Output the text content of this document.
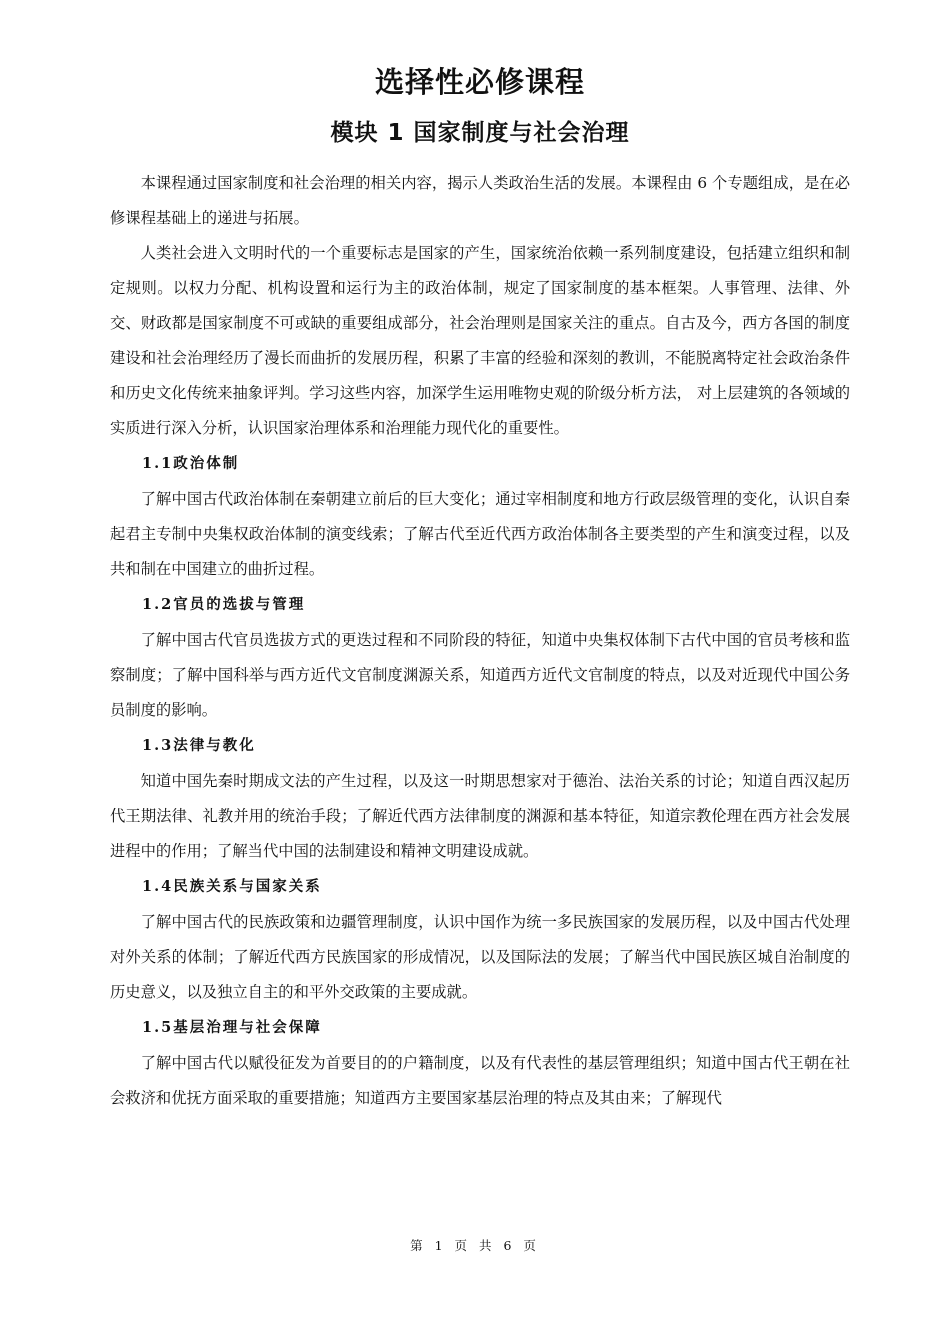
选择性必修课程
模块 1 国家制度与社会治理

本课程通过国家制度和社会治理的相关内容，揭示人类政治生活的发展。本课程由 6 个专题组成，是在必修课程基础上的递进与拓展。

人类社会进入文明时代的一个重要标志是国家的产生，国家统治依赖一系列制度建设，包括建立组织和制定规则。以权力分配、机构设置和运行为主的政治体制，规定了国家制度的基本框架。人事管理、法律、外交、财政都是国家制度不可或缺的重要组成部分，社会治理则是国家关注的重点。自古及今，西方各国的制度建设和社会治理经历了漫长而曲折的发展历程，积累了丰富的经验和深刻的教训，不能脱离特定社会政治条件和历史文化传统来抽象评判。学习这些内容，加深学生运用唯物史观的阶级分析方法， 对上层建筑的各领域的实质进行深入分析，认识国家治理体系和治理能力现代化的重要性。

1.1政治体制

了解中国古代政治体制在秦朝建立前后的巨大变化；通过宰相制度和地方行政层级管理的变化，认识自秦起君主专制中央集权政治体制的演变线索；了解古代至近代西方政治体制各主要类型的产生和演变过程，以及共和制在中国建立的曲折过程。

1.2官员的选拔与管理

了解中国古代官员选拔方式的更迭过程和不同阶段的特征，知道中央集权体制下古代中国的官员考核和监察制度；了解中国科举与西方近代文官制度渊源关系，知道西方近代文官制度的特点，以及对近现代中国公务员制度的影响。

1.3法律与教化

知道中国先秦时期成文法的产生过程，以及这一时期思想家对于德治、法治关系的讨论；知道自西汉起历代王期法律、礼教并用的统治手段；了解近代西方法律制度的渊源和基本特征，知道宗教伦理在西方社会发展进程中的作用；了解当代中国的法制建设和精神文明建设成就。

1.4民族关系与国家关系

了解中国古代的民族政策和边疆管理制度，认识中国作为统一多民族国家的发展历程，以及中国古代处理对外关系的体制；了解近代西方民族国家的形成情况，以及国际法的发展；了解当代中国民族区城自治制度的历史意义，以及独立自主的和平外交政策的主要成就。

1.5基层治理与社会保障

了解中国古代以赋役征发为首要目的的户籍制度，以及有代表性的基层管理组织；知道中国古代王朝在社会救济和优抚方面采取的重要措施；知道西方主要国家基层治理的特点及其由来；了解现代

第 1 页 共 6 页
